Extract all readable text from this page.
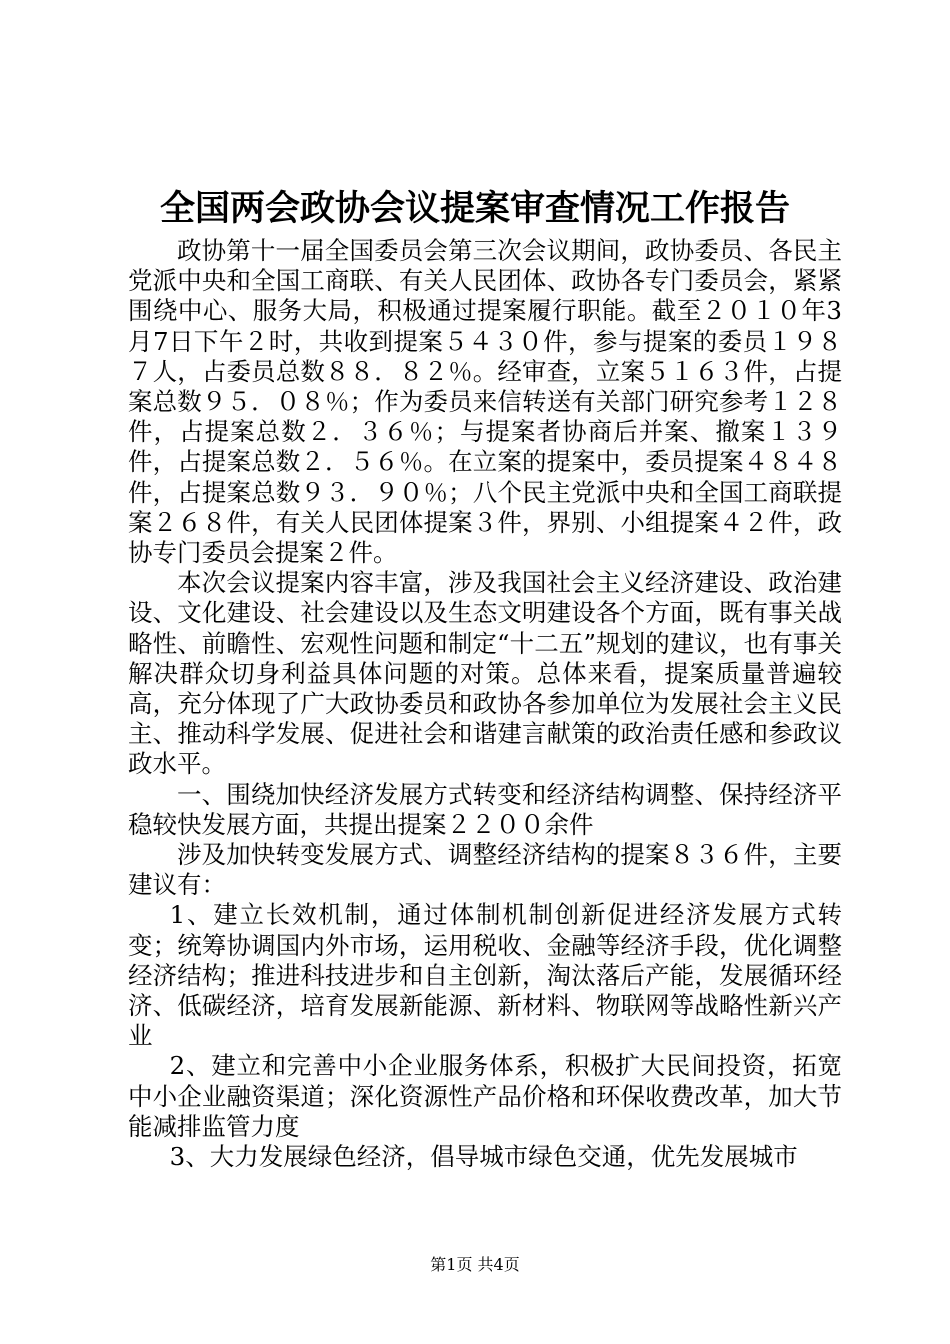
全国两会政协会议提案审查情况工作报告

政协第十一届全国委员会第三次会议期间，政协委员、各民主党派中央和全国工商联、有关人民团体、政协各专门委员会，紧紧围绕中心、服务大局，积极通过提案履行职能。截至２０１０年3月7日下午２时，共收到提案５４３０件，参与提案的委员１９８７人，占委员总数８８．８２％。经审查，立案５１６３件，占提案总数９５．０８％；作为委员来信转送有关部门研究参考１２８件，占提案总数２．３６％；与提案者协商后并案、撤案１３９件，占提案总数２．５６％。在立案的提案中，委员提案４８４８件，占提案总数９３．９０％；八个民主党派中央和全国工商联提案２６８件，有关人民团体提案３件，界别、小组提案４２件，政协专门委员会提案２件。

本次会议提案内容丰富，涉及我国社会主义经济建设、政治建设、文化建设、社会建设以及生态文明建设各个方面，既有事关战略性、前瞻性、宏观性问题和制定“十二五”规划的建议，也有事关解决群众切身利益具体问题的对策。总体来看，提案质量普遍较高，充分体现了广大政协委员和政协各参加单位为发展社会主义民主、推动科学发展、促进社会和谐建言献策的政治责任感和参政议政水平。

一、围绕加快经济发展方式转变和经济结构调整、保持经济平稳较快发展方面，共提出提案２２００余件

涉及加快转变发展方式、调整经济结构的提案８３６件，主要建议有：

1、建立长效机制，通过体制机制创新促进经济发展方式转变；统筹协调国内外市场，运用税收、金融等经济手段，优化调整经济结构；推进科技进步和自主创新，淘汰落后产能，发展循环经济、低碳经济，培育发展新能源、新材料、物联网等战略性新兴产业

2、建立和完善中小企业服务体系，积极扩大民间投资，拓宽中小企业融资渠道；深化资源性产品价格和环保收费改革，加大节能减排监管力度

3、大力发展绿色经济，倡导城市绿色交通，优先发展城市

第1页 共4页
